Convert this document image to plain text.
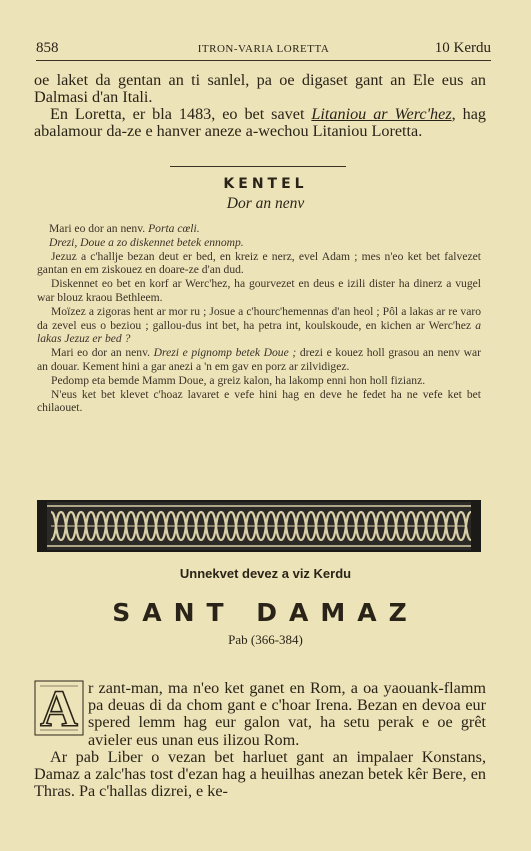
858	ITRON-VARIA LORETTA	10 Kerdu

oe laket da gentan an ti sanlel, pa oe digaset gant an Ele eus an Dalmasi d'an Itali.

En Loretta, er bla 1483, eo bet savet Litaniou ar Werc'hez, hag abalamour da-ze e hanver aneze a-wechou Litaniou Loretta.

KENTEL
Dor an nenv

Mari eo dor an nenv. Porta cœli.

Drezi, Doue a zo diskennet betek ennomp.

Jezuz a c'hallje bezan deut er bed, en kreiz e nerz, evel Adam ; mes n'eo ket bet falvezet gantan en em ziskouez en doare-ze d'an dud.

Diskennet eo bet en korf ar Werc'hez, ha gourvezet en deus e izili dister ha dinerz a vugel war blouz kraou Bethleem.

Moïzez a zigoras hent ar mor ru ; Josue a c'hourc'hemennas d'an heol ; Pôl a lakas ar re varo da zevel eus o beziou ; gallou-dus int bet, ha petra int, koulskoude, en kichen ar Werc'hez a lakas Jezuz er bed ?

Mari eo dor an nenv. Drezi e pignomp betek Doue ; drezi e kouez holl grasou an nenv war an douar. Kement hini a gar anezi a 'n em gav en porz ar zilvidigez.

Pedomp eta bemde Mamm Doue, a greiz kalon, ha lakomp enni hon holl fizianz.

N'eus ket bet klevet c'hoaz lavaret e vefe hini hag en deve he fedet ha ne vefe ket bet chilaouet.

Unnekvet devez a viz Kerdu
SANT DAMAZ
Pab (366-384)
A r zant-man, ma n'eo ket ganet en Rom, a oa yaouank-flamm pa deuas di da chom gant e c'hoar Irena. Bezan en devoa eur spered lemm hag eur galon vat, ha setu perak e oe grêt avieler eus unan eus ilizou Rom.

Ar pab Liber o vezan bet harluet gant an impalaer Konstans, Damaz a zalc'has tost d'ezan hag a heuilhas anezan betek kêr Bere, en Thras. Pa c'hallas dizrei, e ke-
